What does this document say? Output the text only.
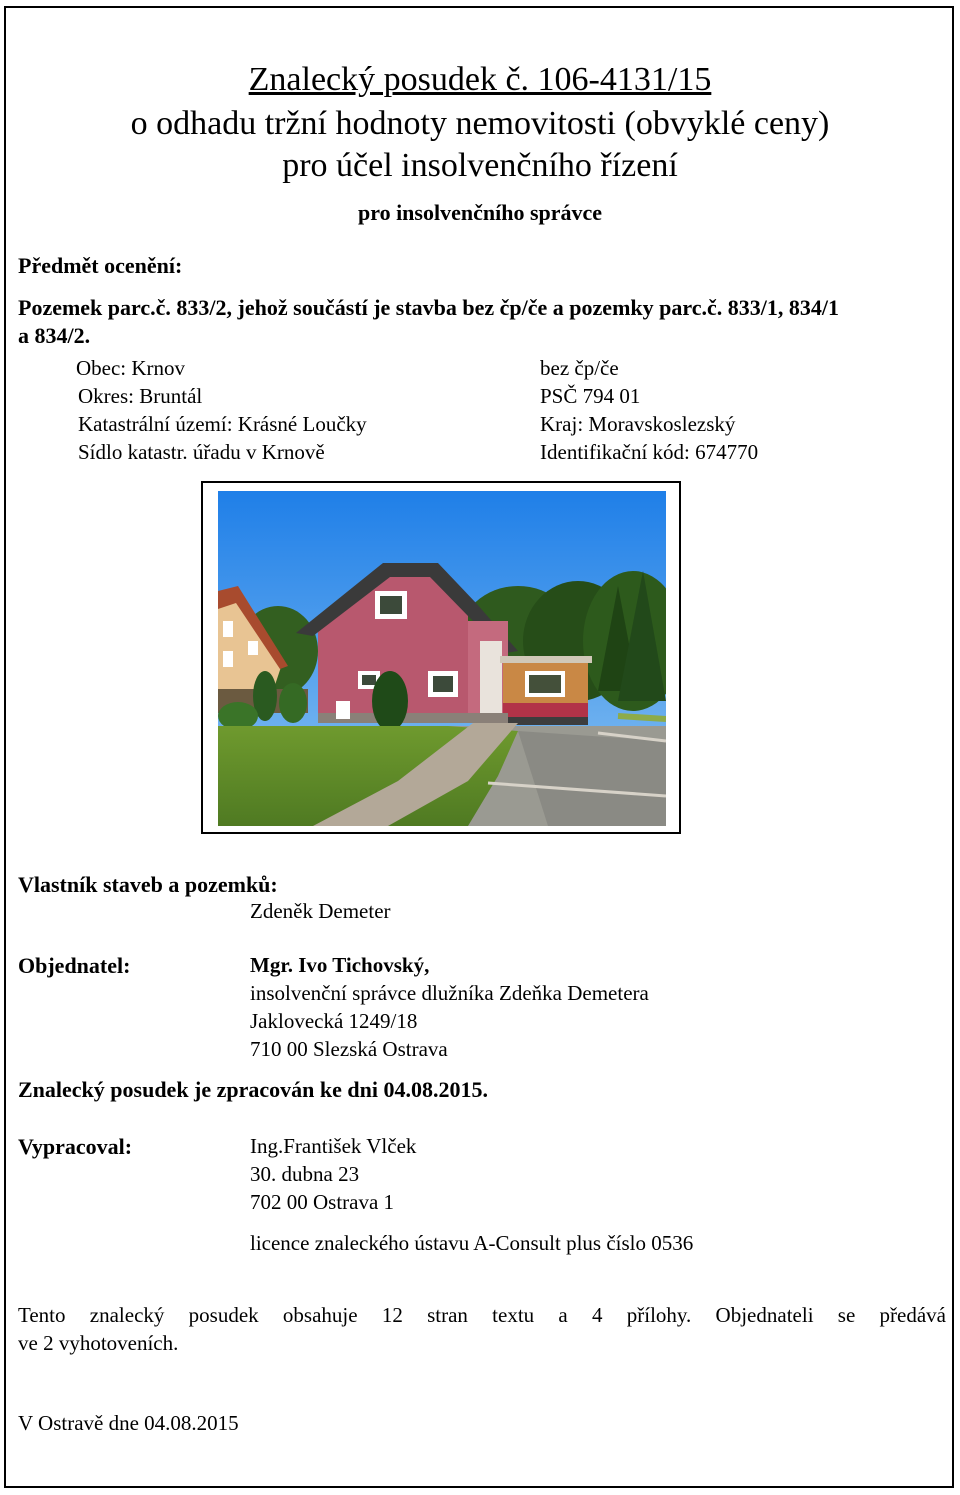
Znalecký posudek č. 106-4131/15
o odhadu tržní hodnoty nemovitosti (obvyklé ceny)
pro účel insolvenčního řízení
pro insolvenčního správce
Předmět ocenění:
Pozemek parc.č. 833/2, jehož součástí je stavba bez čp/če a pozemky parc.č. 833/1, 834/1
a 834/2.
Obec: Krnov
Okres: Bruntál
Katastrální území: Krásné Loučky
Sídlo katastr. úřadu v Krnově
bez čp/če
PSČ 794 01
Kraj: Moravskoslezský
Identifikační kód: 674770
Vlastník staveb a pozemků:
Zdeněk Demeter
Objednatel:	Mgr. Ivo Tichovský,
insolvenční správce dlužníka Zdeňka Demetera
Jaklovecká 1249/18
710 00 Slezská Ostrava
Znalecký posudek je zpracován ke dni 04.08.2015.
Vypracoval:	Ing.František Vlček
30. dubna 23
702 00 Ostrava 1
licence znaleckého ústavu A-Consult plus číslo 0536
Tento znalecký posudek obsahuje 12 stran textu a 4 přílohy. Objednateli se předává
ve 2 vyhotoveních.
V Ostravě dne 04.08.2015
